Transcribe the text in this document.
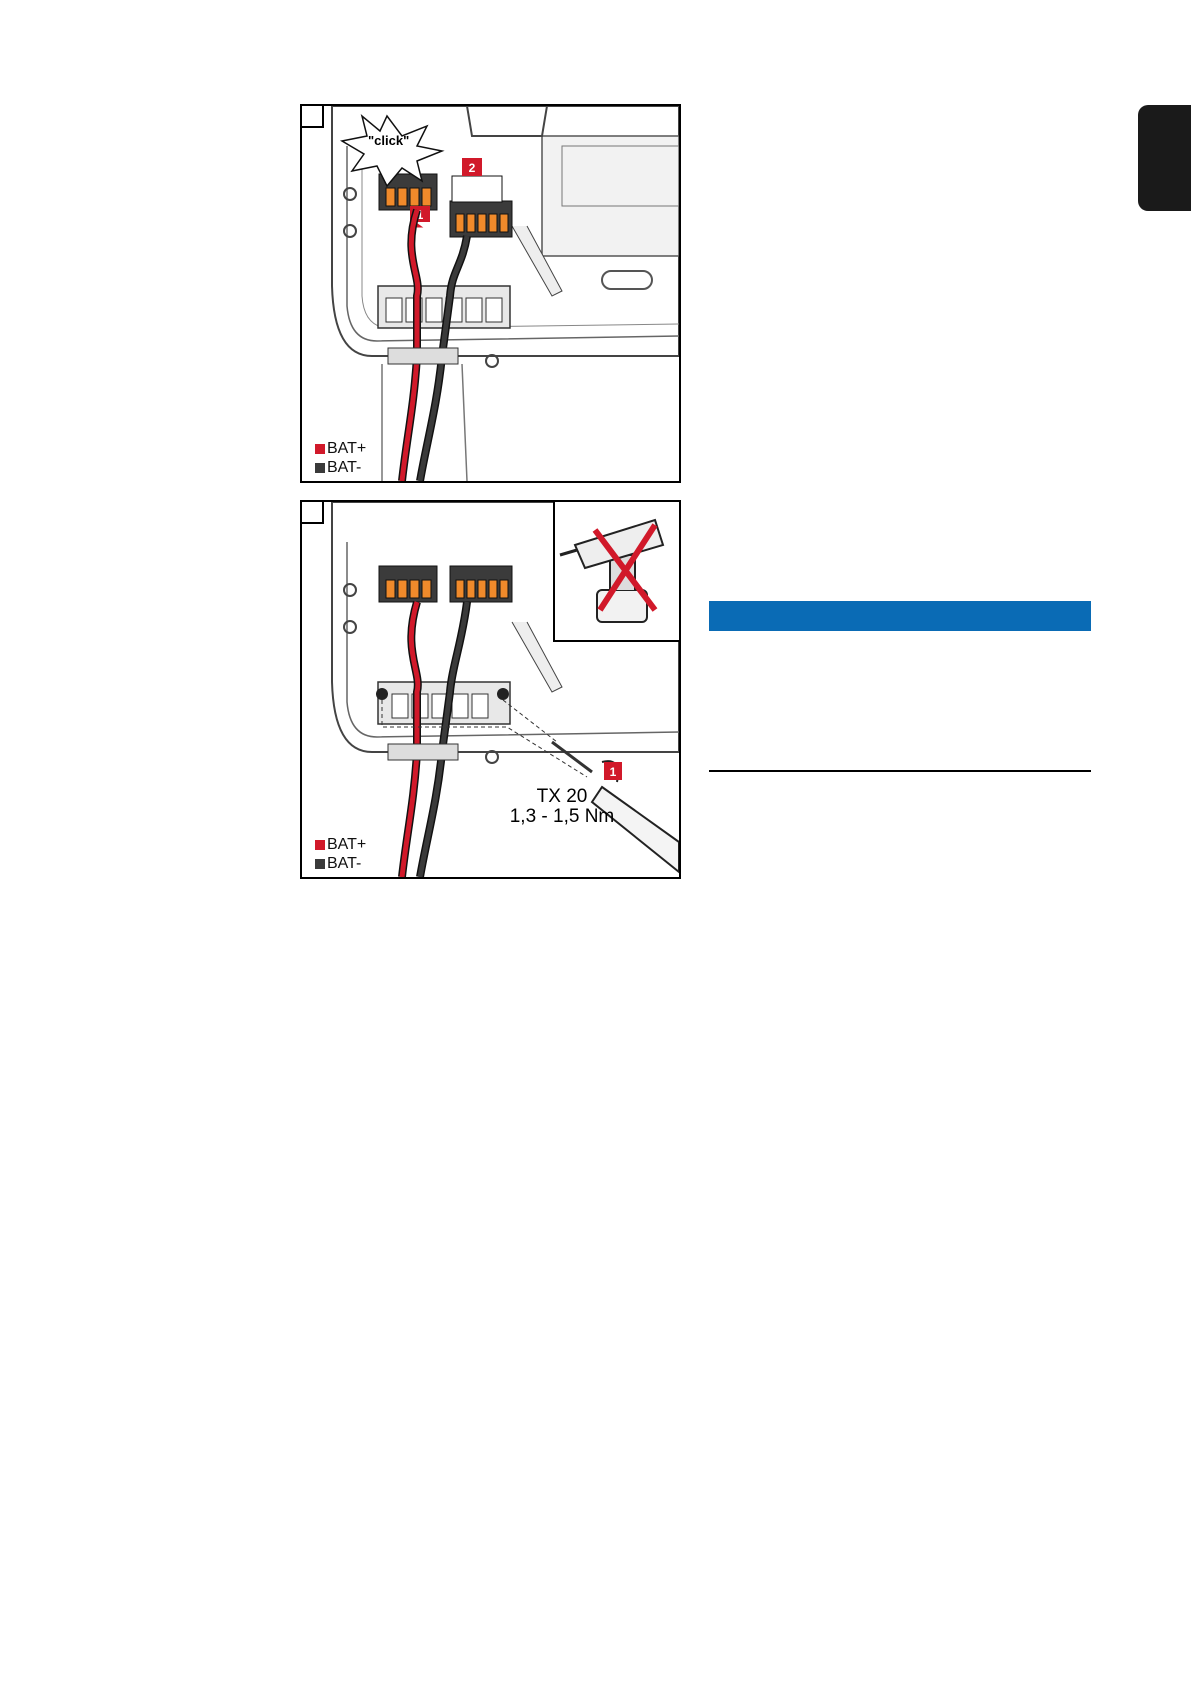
1
2
"click"
BAT+
BAT-
1
TX 20
1,3 - 1,5 Nm
BAT+
BAT-
